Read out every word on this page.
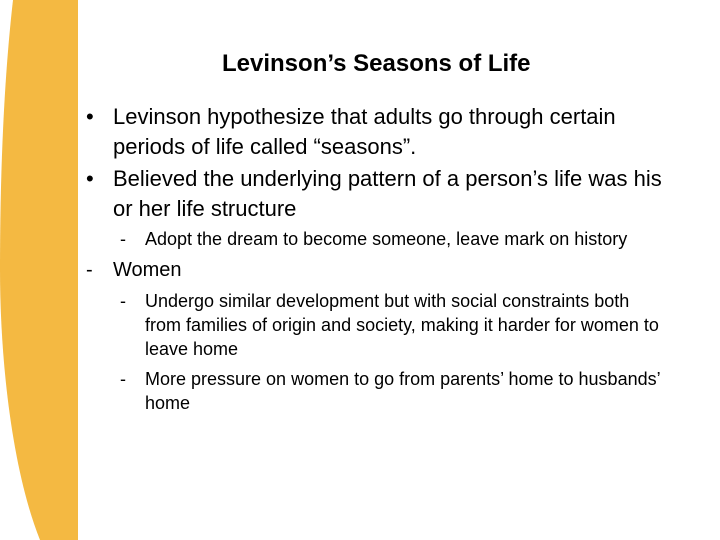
Levinson’s Seasons of Life
• Levinson hypothesize that adults go through certain
periods of life called “seasons”.
• Believed the underlying pattern of a person’s life was his
or her life structure
- Adopt the dream to become someone, leave mark on history
- Women
- Undergo similar development but with social constraints both
from families of origin and society, making it harder for women to
leave home
- More pressure on women to go from parents’ home to husbands’
home
